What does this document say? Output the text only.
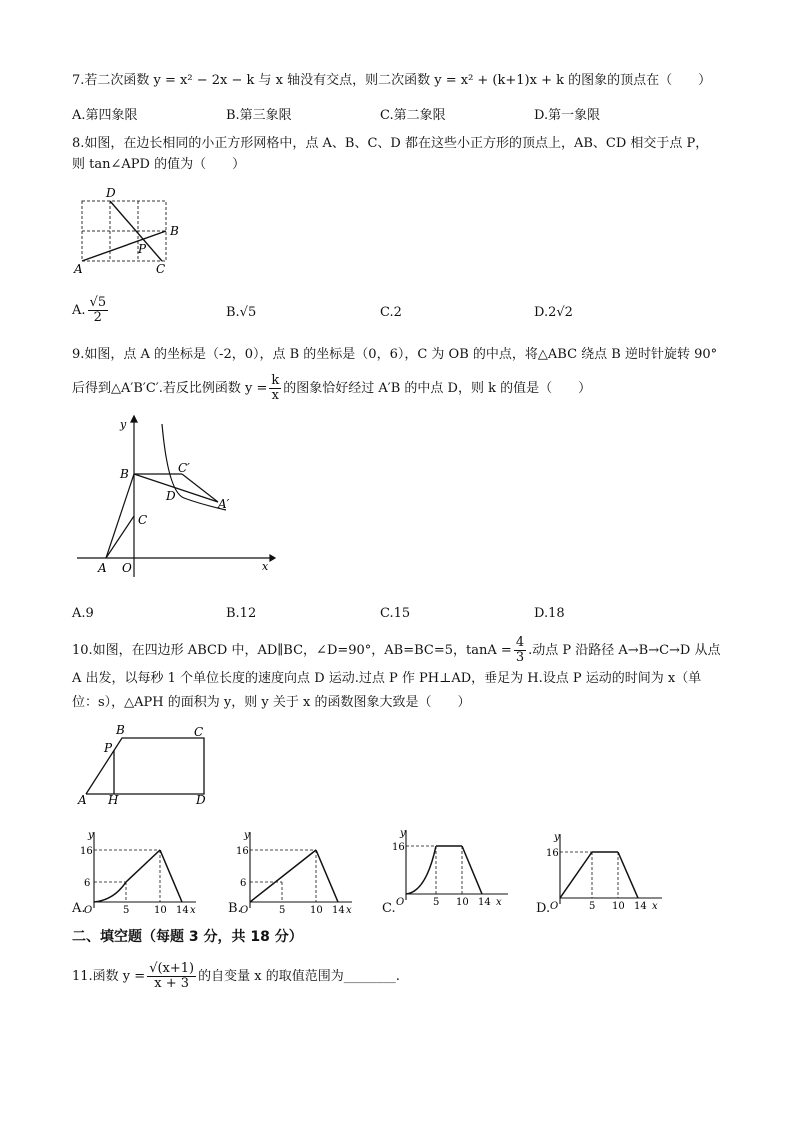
7.若二次函数 y = x² − 2x − k 与 x 轴没有交点，则二次函数 y = x² + (k+1)x + k 的图象的顶点在（　　）
A.第四象限	B.第三象限	C.第二象限	D.第一象限
8.如图，在边长相同的小正方形网格中，点 A、B、C、D 都在这些小正方形的顶点上，AB、CD 相交于点 P，
则 tan∠APD 的值为（　　）
D
B
P
A	C
A. $\frac{√5}{2}$	B.√5	C.2	D.2√2
9.如图，点 A 的坐标是（-2，0），点 B 的坐标是（0，6），C 为 OB 的中点，将△ABC 绕点 B 逆时针旋转 90°
后得到△A′B′C′.若反比例函数 $y = \frac{k}{x}$ 的图象恰好经过 A′B 的中点 D，则 k 的值是（　　）
y
B	C′
D
A′
C
A O	x
A.9	B.12	C.15	D.18
10.如图，在四边形 ABCD 中，AD∥BC，∠D=90°，AB=BC=5，$\tan A = \frac{4}{3}$ .动点 P 沿路径 A→B→C→D 从点
A 出发，以每秒 1 个单位长度的速度向点 D 运动.过点 P 作 PH⊥AD，垂足为 H.设点 P 运动的时间为 x（单
位：s），△APH 的面积为 y，则 y 关于 x 的函数图象大致是（　　）
B	C
P
A H	D
y
16
6
O	5 10 14 x
A.
y
16
6
O	5 10 14 x
B.
y
16
O	5 10 14 x
C.
y
16
O	5 10 14 x
D.
二、填空题（每题 3 分，共 18 分）
11.函数 $y = \frac{√(x+1)}{x + 3}$ 的自变量 x 的取值范围为________.
